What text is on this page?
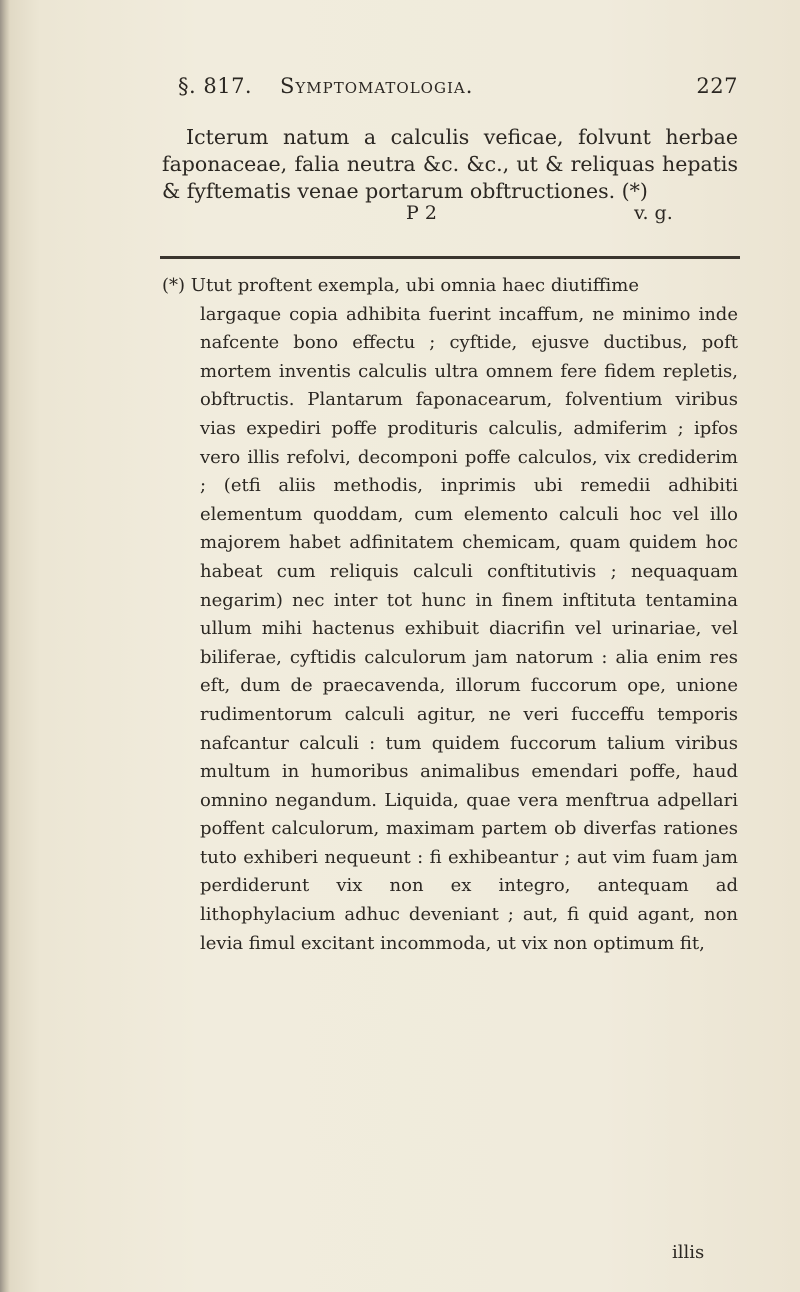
§. 817. Symptomatologia.	227

Icterum natum a calculis veficae, folvunt herbae faponaceae, falia neutra &c. &c., ut & reliquas hepatis & fyftematis venae portarum obftructiones. (*)

P 2	v. g.

(*) Utut proftent exempla, ubi omnia haec diutiffime
largaque copia adhibita fuerint incaffum, ne minimo inde nafcente bono effectu ; cyftide, ejusve ductibus, poft mortem inventis calculis ultra omnem fere fidem repletis, obftructis. Plantarum faponacearum, folventium viribus vias expediri poffe prodituris calculis, admiferim ; ipfos vero illis refolvi, decomponi poffe calculos, vix crediderim ; (etfi aliis methodis, inprimis ubi remedii adhibiti elementum quoddam, cum elemento calculi hoc vel illo majorem habet adfinitatem chemicam, quam quidem hoc habeat cum reliquis calculi conftitutivis ; nequaquam negarim) nec inter tot hunc in finem inftituta tentamina ullum mihi hactenus exhibuit diacrifin vel urinariae, vel biliferae, cyftidis calculorum jam natorum : alia enim res eft, dum de praecavenda, illorum fuccorum ope, unione rudimentorum calculi agitur, ne veri fucceffu temporis nafcantur calculi : tum quidem fuccorum talium viribus multum in humoribus animalibus emendari poffe, haud omnino negandum. Liquida, quae vera menftrua adpellari poffent calculorum, maximam partem ob diverfas rationes tuto exhiberi nequeunt : fi exhibeantur ; aut vim fuam jam perdiderunt vix non ex integro, antequam ad lithophylacium adhuc deveniant ; aut, fi quid agant, non levia fimul excitant incommoda, ut vix non optimum fit,

illis
